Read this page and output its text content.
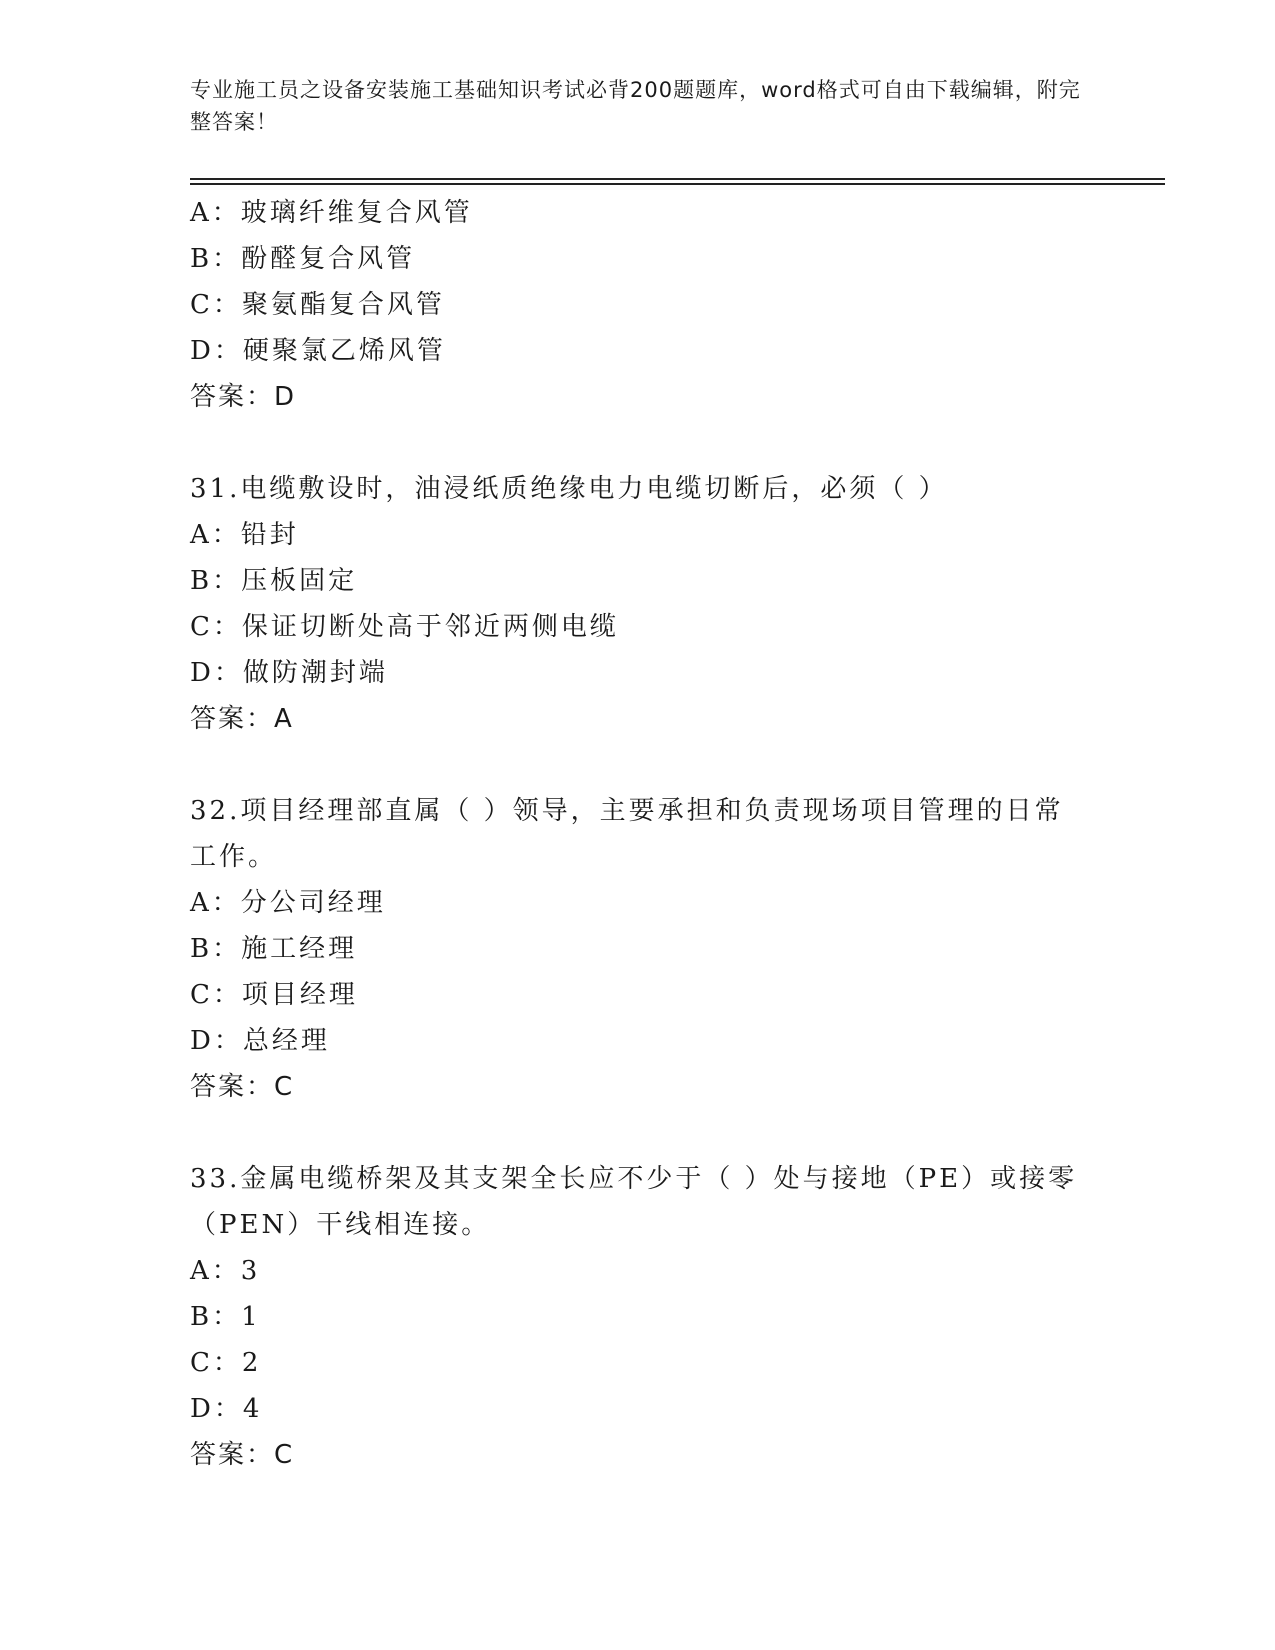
专业施工员之设备安装施工基础知识考试必背200题题库，word格式可自由下载编辑，附完整答案！
A：玻璃纤维复合风管
B：酚醛复合风管
C：聚氨酯复合风管
D：硬聚氯乙烯风管
答案：D
31.电缆敷设时，油浸纸质绝缘电力电缆切断后，必须（ ）
A：铅封
B：压板固定
C：保证切断处高于邻近两侧电缆
D：做防潮封端
答案：A
32.项目经理部直属（ ）领导，主要承担和负责现场项目管理的日常工作。
A：分公司经理
B：施工经理
C：项目经理
D：总经理
答案：C
33.金属电缆桥架及其支架全长应不少于（ ）处与接地（PE）或接零（PEN）干线相连接。
A：3
B：1
C：2
D：4
答案：C
